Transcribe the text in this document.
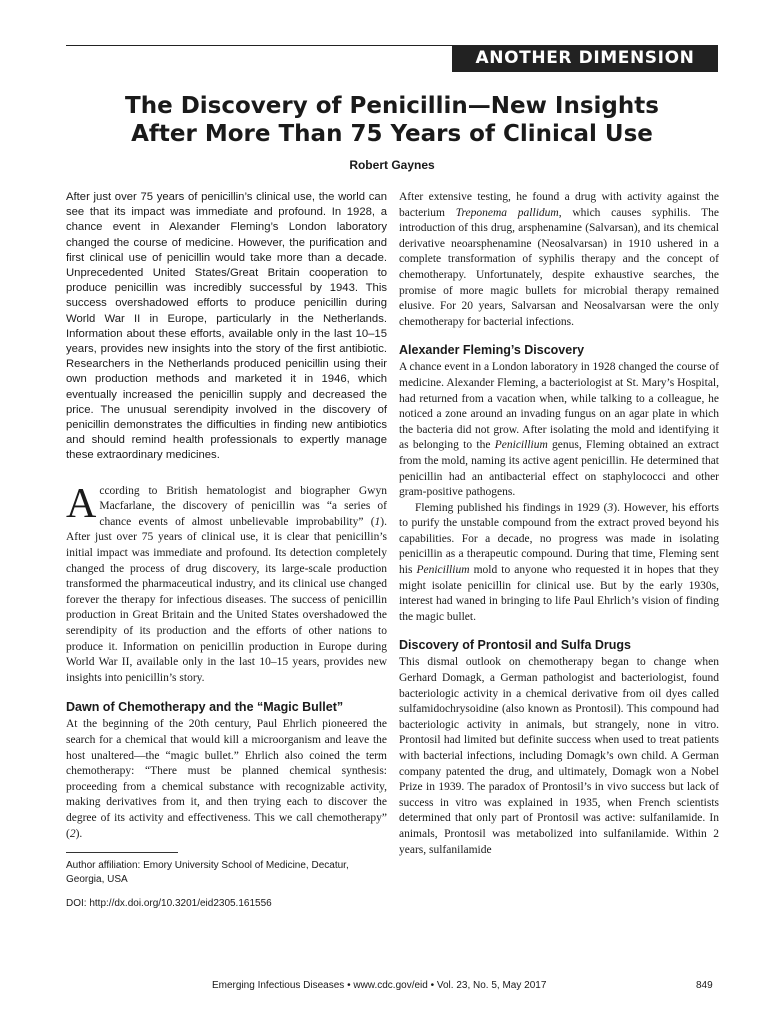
ANOTHER DIMENSION
The Discovery of Penicillin—New Insights
After More Than 75 Years of Clinical Use
Robert Gaynes

After just over 75 years of penicillin’s clinical use, the world can see that its impact was immediate and profound. In 1928, a chance event in Alexander Fleming’s London laboratory changed the course of medicine. However, the purification and first clinical use of penicillin would take more than a decade. Unprecedented United States/Great Britain cooperation to produce penicillin was incredibly successful by 1943. This success overshadowed efforts to produce penicillin during World War II in Europe, particularly in the Netherlands. Information about these efforts, available only in the last 10–15 years, provides new insights into the story of the first antibiotic. Researchers in the Netherlands produced penicillin using their own production methods and marketed it in 1946, which eventually increased the penicillin supply and decreased the price. The unusual serendipity involved in the discovery of penicillin demonstrates the difficulties in finding new antibiotics and should remind health professionals to expertly manage these extraordinary medicines.

According to British hematologist and biographer Gwyn Macfarlane, the discovery of penicillin was “a series of chance events of almost unbelievable improbability” (1). After just over 75 years of clinical use, it is clear that penicillin’s initial impact was immediate and profound. Its detection completely changed the process of drug discovery, its large-scale production transformed the pharmaceutical industry, and its clinical use changed forever the therapy for infectious diseases. The success of penicillin production in Great Britain and the United States overshadowed the serendipity of its production and the efforts of other nations to produce it. Information on penicillin production in Europe during World War II, available only in the last 10–15 years, provides new insights into penicillin’s story.

Dawn of Chemotherapy and the “Magic Bullet”

At the beginning of the 20th century, Paul Ehrlich pioneered the search for a chemical that would kill a microorganism and leave the host unaltered—the “magic bullet.” Ehrlich also coined the term chemotherapy: “There must be planned chemical synthesis: proceeding from a chemical substance with recognizable activity, making derivatives from it, and then trying each to discover the degree of its activity and effectiveness. This we call chemotherapy” (2).

Author affiliation: Emory University School of Medicine, Decatur, Georgia, USA

DOI: http://dx.doi.org/10.3201/eid2305.161556

After extensive testing, he found a drug with activity against the bacterium Treponema pallidum, which causes syphilis. The introduction of this drug, arsphenamine (Salvarsan), and its chemical derivative neoarsphenamine (Neosalvarsan) in 1910 ushered in a complete transformation of syphilis therapy and the concept of chemotherapy. Unfortunately, despite exhaustive searches, the promise of more magic bullets for microbial therapy remained elusive. For 20 years, Salvarsan and Neosalvarsan were the only chemotherapy for bacterial infections.

Alexander Fleming’s Discovery

A chance event in a London laboratory in 1928 changed the course of medicine. Alexander Fleming, a bacteriologist at St. Mary’s Hospital, had returned from a vacation when, while talking to a colleague, he noticed a zone around an invading fungus on an agar plate in which the bacteria did not grow. After isolating the mold and identifying it as belonging to the Penicillium genus, Fleming obtained an extract from the mold, naming its active agent penicillin. He determined that penicillin had an antibacterial effect on staphylococci and other gram-positive pathogens.

Fleming published his findings in 1929 (3). However, his efforts to purify the unstable compound from the extract proved beyond his capabilities. For a decade, no progress was made in isolating penicillin as a therapeutic compound. During that time, Fleming sent his Penicillium mold to anyone who requested it in hopes that they might isolate penicillin for clinical use. But by the early 1930s, interest had waned in bringing to life Paul Ehrlich’s vision of finding the magic bullet.

Discovery of Prontosil and Sulfa Drugs

This dismal outlook on chemotherapy began to change when Gerhard Domagk, a German pathologist and bacteriologist, found bacteriologic activity in a chemical derivative from oil dyes called sulfamidochrysoidine (also known as Prontosil). This compound had bacteriologic activity in animals, but strangely, none in vitro. Prontosil had limited but definite success when used to treat patients with bacterial infections, including Domagk’s own child. A German company patented the drug, and ultimately, Domagk won a Nobel Prize in 1939. The paradox of Prontosil’s in vivo success but lack of success in vitro was explained in 1935, when French scientists determined that only part of Prontosil was active: sulfanilamide. In animals, Prontosil was metabolized into sulfanilamide. Within 2 years, sulfanilamide

Emerging Infectious Diseases • www.cdc.gov/eid • Vol. 23, No. 5, May 2017	849
